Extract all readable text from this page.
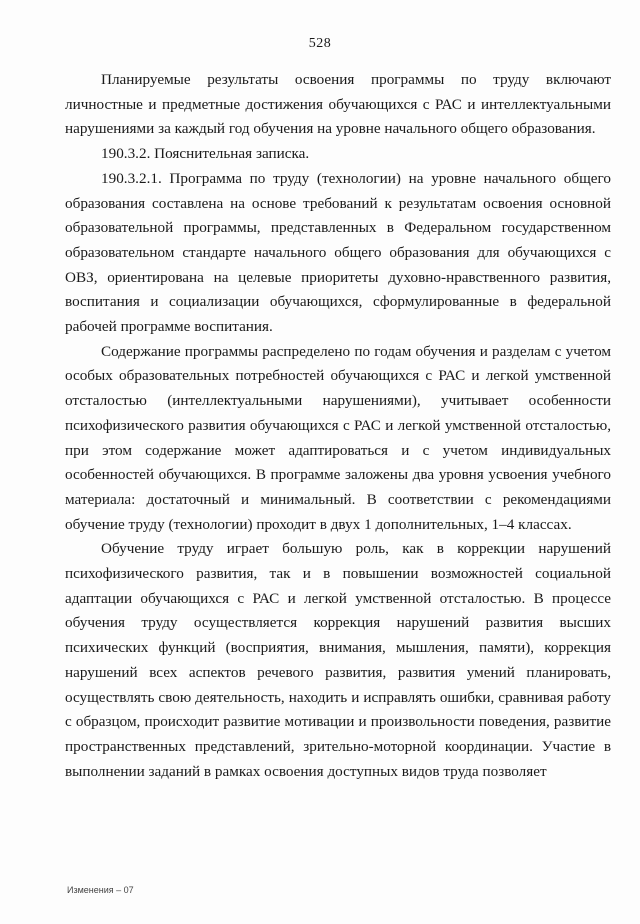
528

Планируемые результаты освоения программы по труду включают личностные и предметные достижения обучающихся с РАС и интеллектуальными нарушениями за каждый год обучения на уровне начального общего образования.

190.3.2. Пояснительная записка.

190.3.2.1. Программа по труду (технологии) на уровне начального общего образования составлена на основе требований к результатам освоения основной образовательной программы, представленных в Федеральном государственном образовательном стандарте начального общего образования для обучающихся с ОВЗ, ориентирована на целевые приоритеты духовно-нравственного развития, воспитания и социализации обучающихся, сформулированные в федеральной рабочей программе воспитания.

Содержание программы распределено по годам обучения и разделам с учетом особых образовательных потребностей обучающихся с РАС и легкой умственной отсталостью (интеллектуальными нарушениями), учитывает особенности психофизического развития обучающихся с РАС и легкой умственной отсталостью, при этом содержание может адаптироваться и с учетом индивидуальных особенностей обучающихся. В программе заложены два уровня усвоения учебного материала: достаточный и минимальный. В соответствии с рекомендациями обучение труду (технологии) проходит в двух 1 дополнительных, 1–4 классах.

Обучение труду играет большую роль, как в коррекции нарушений психофизического развития, так и в повышении возможностей социальной адаптации обучающихся с РАС и легкой умственной отсталостью. В процессе обучения труду осуществляется коррекция нарушений развития высших психических функций (восприятия, внимания, мышления, памяти), коррекция нарушений всех аспектов речевого развития, развития умений планировать, осуществлять свою деятельность, находить и исправлять ошибки, сравнивая работу с образцом, происходит развитие мотивации и произвольности поведения, развитие пространственных представлений, зрительно-моторной координации. Участие в выполнении заданий в рамках освоения доступных видов труда позволяет

Изменения – 07
